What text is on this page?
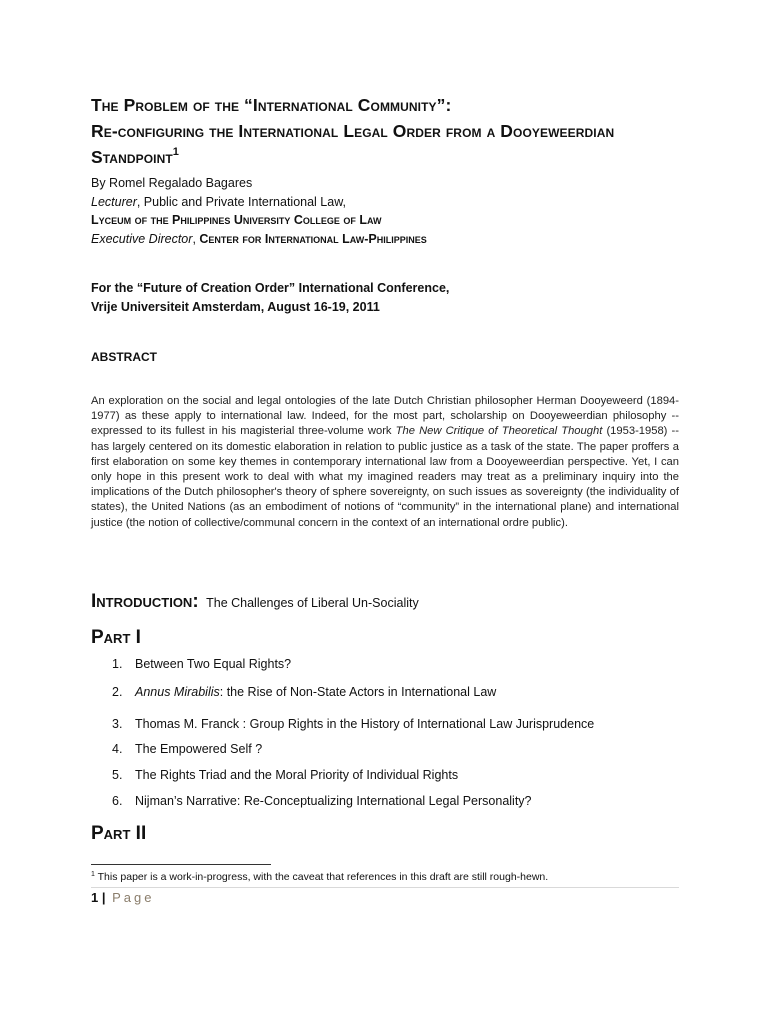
The Problem of the “International Community”:
Re-configuring the International Legal Order from a Dooyeweerdian
Standpoint$^1$
By Romel Regalado Bagares
Lecturer, Public and Private International Law,
Lyceum of the Philippines University College of Law
Executive Director, Center for International Law-Philippines
For the “Future of Creation Order” International Conference,
Vrije Universiteit Amsterdam, August 16-19, 2011
ABSTRACT
An exploration on the social and legal ontologies of the late Dutch Christian philosopher Herman Dooyeweerd (1894-1977) as these apply to international law. Indeed, for the most part, scholarship on Dooyeweerdian philosophy -- expressed to its fullest in his magisterial three-volume work The New Critique of Theoretical Thought (1953-1958) -- has largely centered on its domestic elaboration in relation to public justice as a task of the state. The paper proffers a first elaboration on some key themes in contemporary international law from a Dooyeweerdian perspective. Yet, I can only hope in this present work to deal with what my imagined readers may treat as a preliminary inquiry into the implications of the Dutch philosopher's theory of sphere sovereignty, on such issues as sovereignty (the individuality of states), the United Nations (as an embodiment of notions of “community” in the international plane) and international justice (the notion of collective/communal concern in the context of an international ordre public).
Introduction: The Challenges of Liberal Un-Sociality
Part I
1. Between Two Equal Rights?
2. Annus Mirabilis: the Rise of Non-State Actors in International Law
3. Thomas M. Franck : Group Rights in the History of International Law Jurisprudence
4. The Empowered Self ?
5. The Rights Triad and the Moral Priority of Individual Rights
6. Nijman’s Narrative: Re-Conceptualizing International Legal Personality?
Part II
$^1$ This paper is a work-in-progress, with the caveat that references in this draft are still rough-hewn.
1 | Page
